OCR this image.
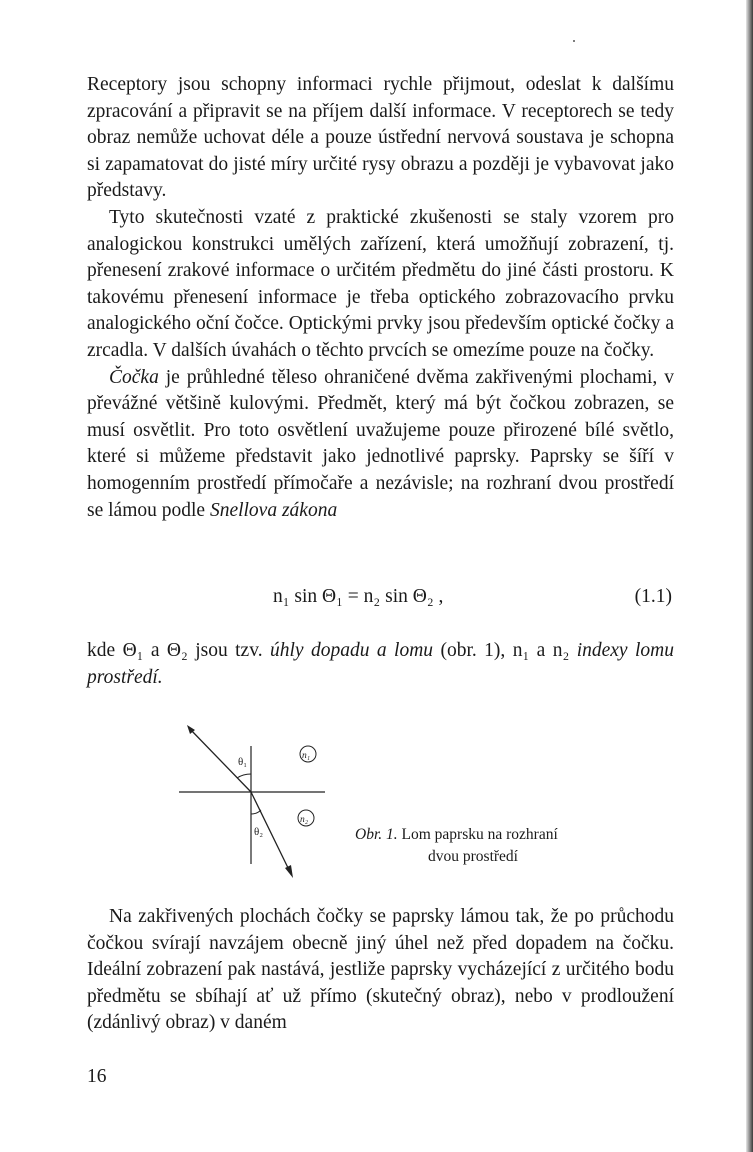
Receptory jsou schopny informaci rychle přijmout, odeslat k dalšímu zpracování a připravit se na příjem další informace. V receptorech se tedy obraz nemůže uchovat déle a pouze ústřední nervová soustava je schopna si zapamatovat do jisté míry určité rysy obrazu a později je vybavovat jako představy.

Tyto skutečnosti vzaté z praktické zkušenosti se staly vzorem pro analogickou konstrukci umělých zařízení, která umožňují zobrazení, tj. přenesení zrakové informace o určitém předmětu do jiné části prostoru. K takovému přenesení informace je třeba optického zobrazovacího prvku analogického oční čočce. Optickými prvky jsou především optické čočky a zrcadla. V dalších úvahách o těchto prvcích se omezíme pouze na čočky.

Čočka je průhledné těleso ohraničené dvěma zakřivenými plochami, v převážné většině kulovými. Předmět, který má být čočkou zobrazen, se musí osvětlit. Pro toto osvětlení uvažujeme pouze přirozené bílé světlo, které si můžeme představit jako jednotlivé paprsky. Paprsky se šíří v homogenním prostředí přímočaře a nezávisle; na rozhraní dvou prostředí se lámou podle Snellova zákona

n₁ sin Θ₁ = n₂ sin Θ₂ ,	(1.1)

kde Θ₁ a Θ₂ jsou tzv. úhly dopadu a lomu (obr. 1), n₁ a n₂ indexy lomu prostředí.

θ₁
θ₂
n₁
n₂
Obr. 1. Lom paprsku na rozhraní
dvou prostředí

Na zakřivených plochách čočky se paprsky lámou tak, že po průchodu čočkou svírají navzájem obecně jiný úhel než před dopadem na čočku. Ideální zobrazení pak nastává, jestliže paprsky vycházející z určitého bodu předmětu se sbíhají ať už přímo (skutečný obraz), nebo v prodloužení (zdánlivý obraz) v daném

16
